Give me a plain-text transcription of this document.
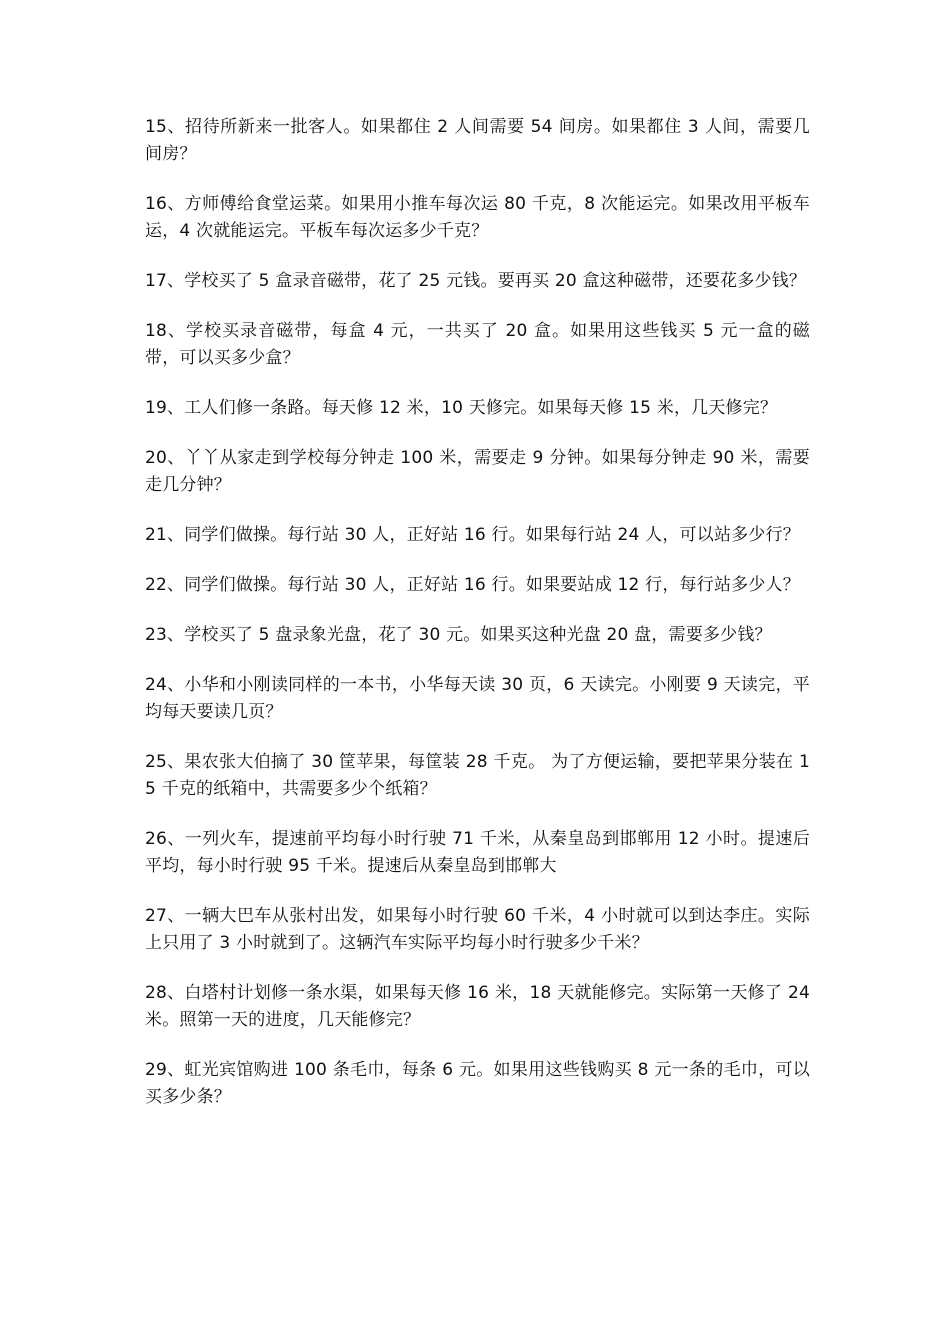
15、招待所新来一批客人。如果都住 2 人间需要 54 间房。如果都住 3 人间，需要几间房？

16、方师傅给食堂运菜。如果用小推车每次运 80 千克，8 次能运完。如果改用平板车运，4 次就能运完。平板车每次运多少千克？

17、学校买了 5 盒录音磁带，花了 25 元钱。要再买 20 盒这种磁带，还要花多少钱？

18、学校买录音磁带，每盒 4 元，一共买了 20 盒。如果用这些钱买 5 元一盒的磁带，可以买多少盒？

19、工人们修一条路。每天修 12 米，10 天修完。如果每天修 15 米，几天修完？

20、丫丫从家走到学校每分钟走 100 米，需要走 9 分钟。如果每分钟走 90 米，需要走几分钟？

21、同学们做操。每行站 30 人，正好站 16 行。如果每行站 24 人，可以站多少行？

22、同学们做操。每行站 30 人，正好站 16 行。如果要站成 12 行，每行站多少人？

23、学校买了 5 盘录象光盘，花了 30 元。如果买这种光盘 20 盘，需要多少钱？

24、小华和小刚读同样的一本书，小华每天读 30 页，6 天读完。小刚要 9 天读完，平均每天要读几页？

25、果农张大伯摘了 30 筐苹果，每筐装 28 千克。 为了方便运输，要把苹果分装在 15 千克的纸箱中，共需要多少个纸箱？

26、一列火车，提速前平均每小时行驶 71 千米，从秦皇岛到邯郸用 12 小时。提速后平均，每小时行驶 95 千米。提速后从秦皇岛到邯郸大

27、一辆大巴车从张村出发，如果每小时行驶 60 千米，4 小时就可以到达李庄。实际上只用了 3 小时就到了。这辆汽车实际平均每小时行驶多少千米？

28、白塔村计划修一条水渠，如果每天修 16 米，18 天就能修完。实际第一天修了 24 米。照第一天的进度，几天能修完？

29、虹光宾馆购进 100 条毛巾，每条 6 元。如果用这些钱购买 8 元一条的毛巾，可以买多少条？
